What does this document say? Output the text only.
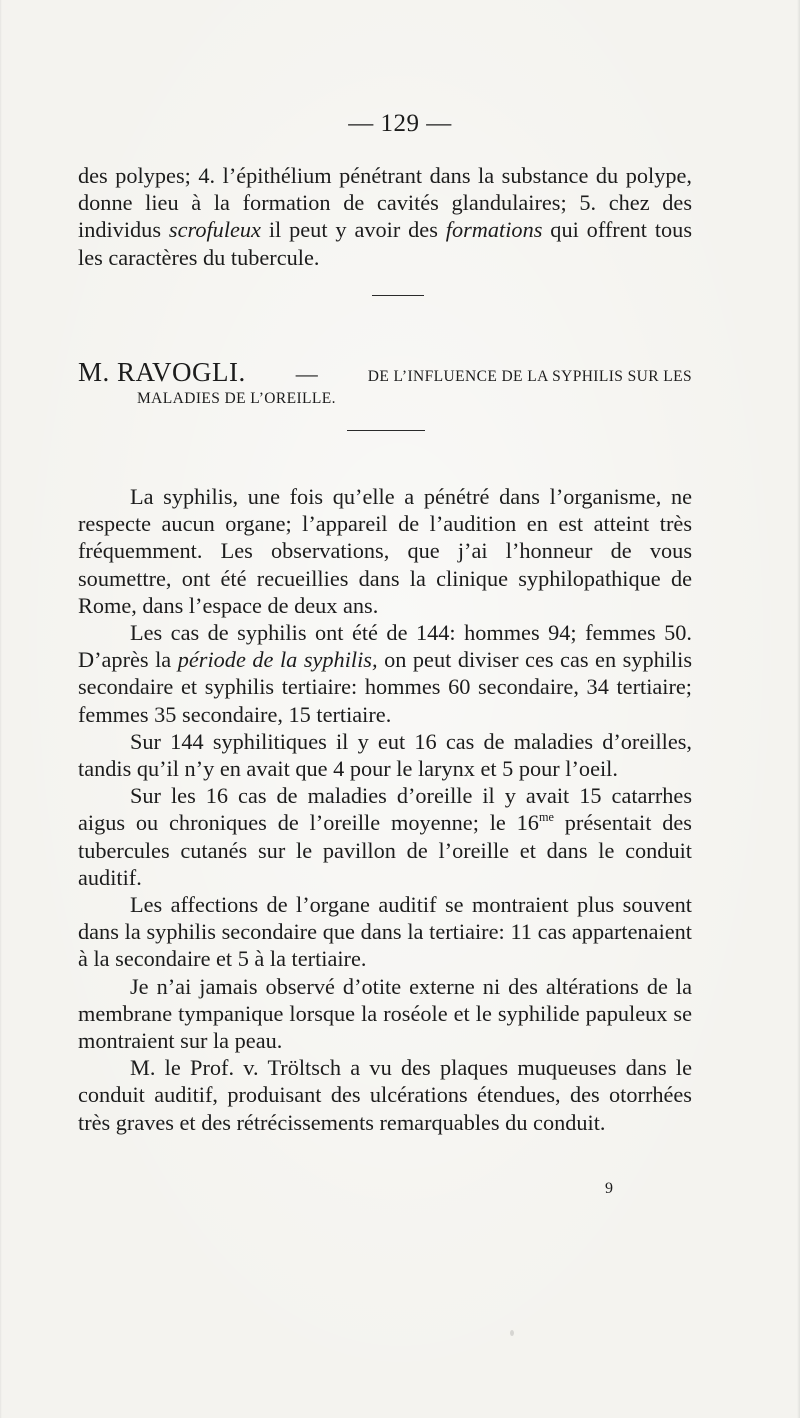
— 129 —

des polypes; 4. l’épithélium pénétrant dans la substance du polype, donne lieu à la formation de cavités glandulaires; 5. chez des individus scrofuleux il peut y avoir des formations qui offrent tous les caractères du tubercule.

M. RAVOGLI. —	DE L’INFLUENCE DE LA SYPHILIS SUR LES
MALADIES DE L’OREILLE.

La syphilis, une fois qu’elle a pénétré dans l’organisme, ne respecte aucun organe; l’appareil de l’audition en est atteint très fréquemment. Les observations, que j’ai l’honneur de vous soumettre, ont été recueillies dans la clinique syphilopathique de Rome, dans l’espace de deux ans.

Les cas de syphilis ont été de 144: hommes 94; femmes 50. D’après la période de la syphilis, on peut diviser ces cas en syphilis secondaire et syphilis tertiaire: hommes 60 secondaire, 34 tertiaire; femmes 35 secondaire, 15 tertiaire.

Sur 144 syphilitiques il y eut 16 cas de maladies d’oreilles, tandis qu’il n’y en avait que 4 pour le larynx et 5 pour l’oeil.

Sur les 16 cas de maladies d’oreille il y avait 15 catarrhes aigus ou chroniques de l’oreille moyenne; le $16^{me}$ présentait des tubercules cutanés sur le pavillon de l’oreille et dans le conduit auditif.

Les affections de l’organe auditif se montraient plus souvent dans la syphilis secondaire que dans la tertiaire: 11 cas appartenaient à la secondaire et 5 à la tertiaire.

Je n’ai jamais observé d’otite externe ni des altérations de la membrane tympanique lorsque la roséole et le syphilide papuleux se montraient sur la peau.

M. le Prof. v. Tröltsch a vu des plaques muqueuses dans le conduit auditif, produisant des ulcérations étendues, des otorrhées très graves et des rétrécissements remarquables du conduit.

9
